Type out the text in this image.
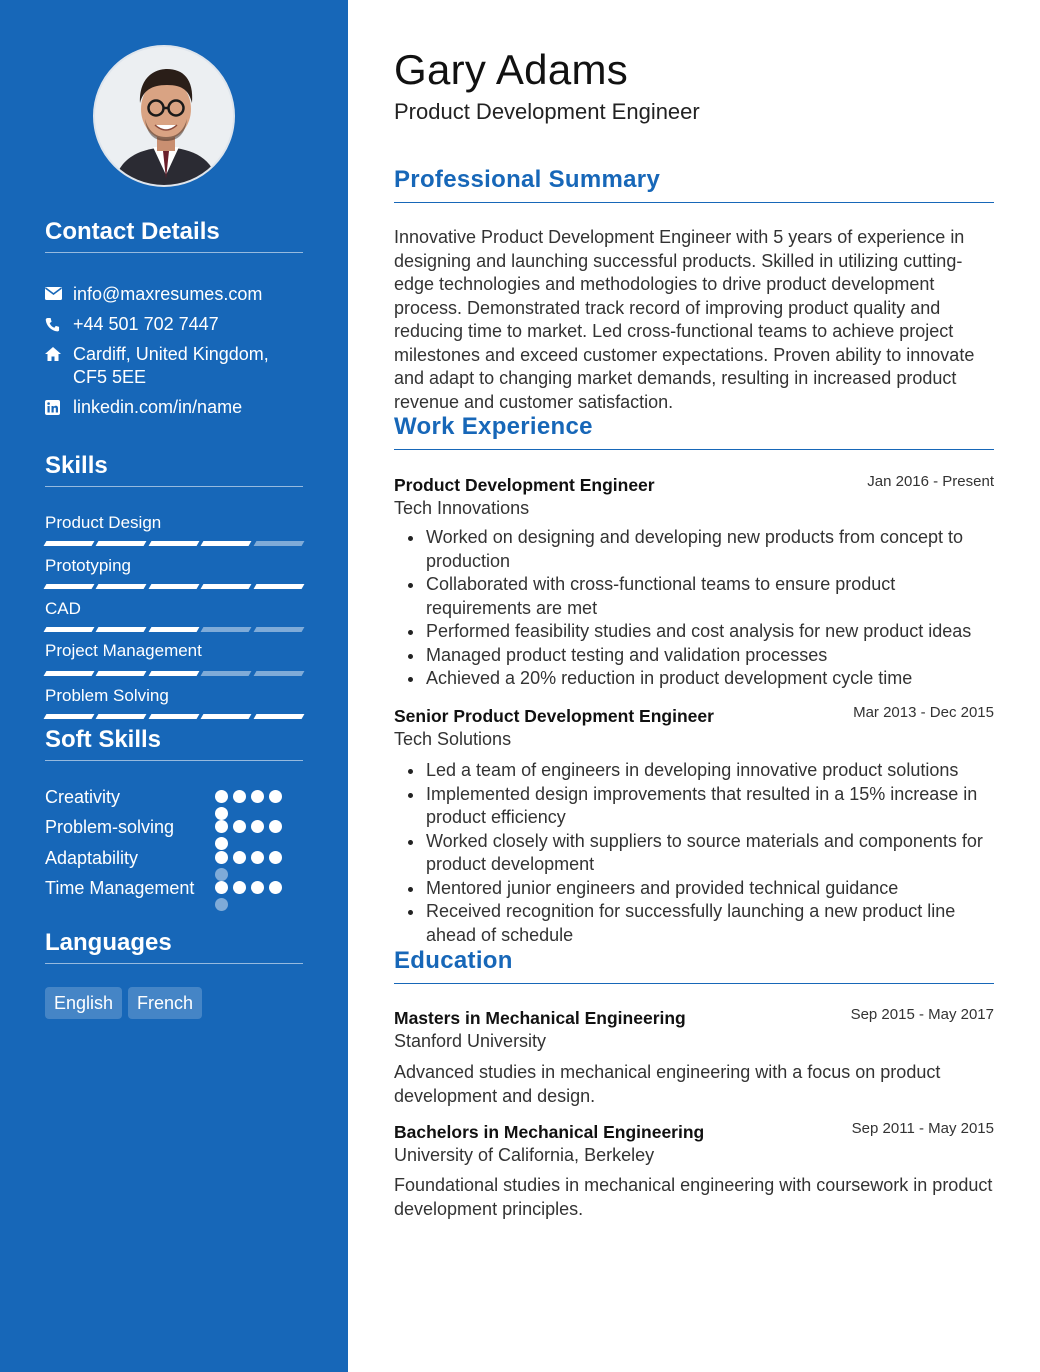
Contact Details
info@maxresumes.com
+44 501 702 7447
Cardiff, United Kingdom,
CF5 5EE
linkedin.com/in/name
Skills
Product Design
Prototyping
CAD
Project Management
Problem Solving
Soft Skills
Creativity
Problem-solving
Adaptability
Time Management
Languages
English	French
Gary Adams
Product Development Engineer
Professional Summary
Innovative Product Development Engineer with 5 years of experience in designing and launching successful products. Skilled in utilizing cutting-edge technologies and methodologies to drive product development process. Demonstrated track record of improving product quality and reducing time to market. Led cross-functional teams to achieve project milestones and exceed customer expectations. Proven ability to innovate and adapt to changing market demands, resulting in increased product revenue and customer satisfaction.
Work Experience
Product Development Engineer	Jan 2016 - Present
Tech Innovations
Worked on designing and developing new products from concept to production
Collaborated with cross-functional teams to ensure product requirements are met
Performed feasibility studies and cost analysis for new product ideas
Managed product testing and validation processes
Achieved a 20% reduction in product development cycle time
Senior Product Development Engineer	Mar 2013 - Dec 2015
Tech Solutions
Led a team of engineers in developing innovative product solutions
Implemented design improvements that resulted in a 15% increase in product efficiency
Worked closely with suppliers to source materials and components for product development
Mentored junior engineers and provided technical guidance
Received recognition for successfully launching a new product line ahead of schedule
Education
Masters in Mechanical Engineering	Sep 2015 - May 2017
Stanford University
Advanced studies in mechanical engineering with a focus on product development and design.
Bachelors in Mechanical Engineering	Sep 2011 - May 2015
University of California, Berkeley
Foundational studies in mechanical engineering with coursework in product development principles.
